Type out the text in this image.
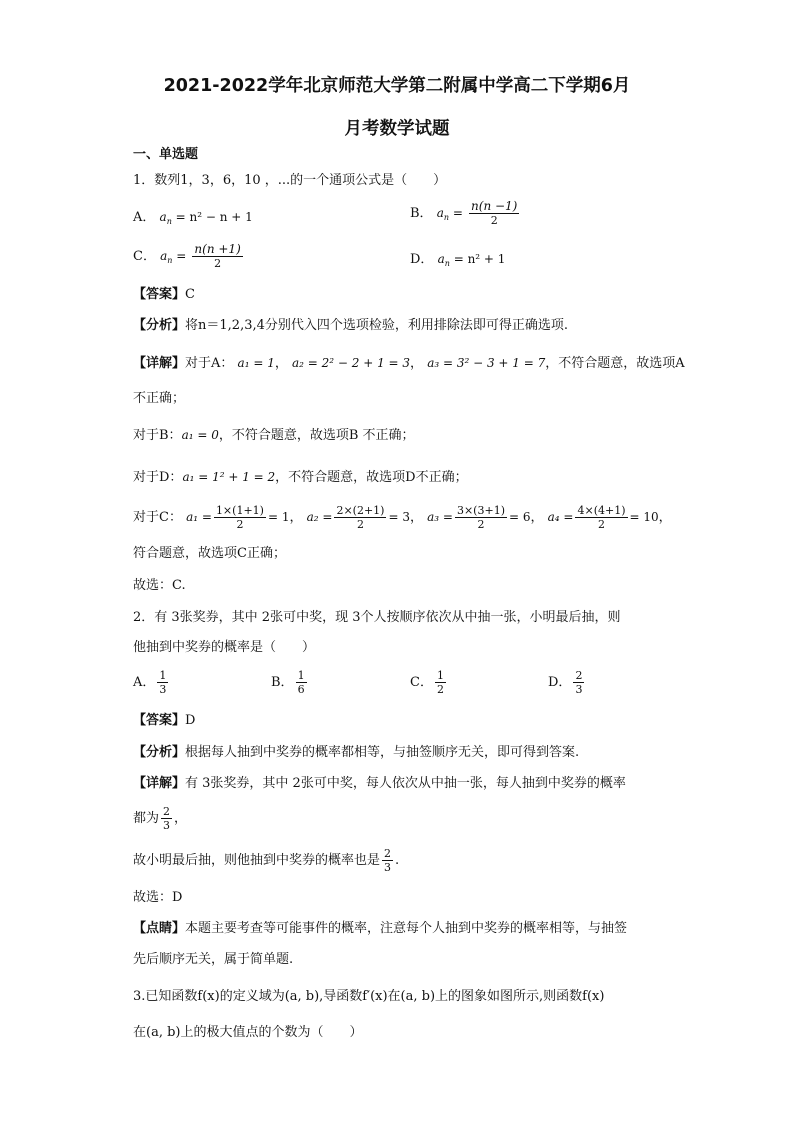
2021-2022学年北京师范大学第二附属中学高二下学期6月
月考数学试题
一、单选题
1．数列1，3，6，10 ，...的一个通项公式是（　　）
A． $a_n = n^2 - n + 1$	B． $a_n = \frac{n(n -1)}{2}$
C． $a_n = \frac{n(n +1)}{2}$	D． $a_n = n^2 + 1$
【答案】C
【分析】将n＝1,2,3,4分别代入四个选项检验，利用排除法即可得正确选项.
【详解】对于A： a₁ = 1， a₂ = 2² − 2 + 1 = 3， a₃ = 3² − 3 + 1 = 7，不符合题意，故选项A
不正确；
对于B：a₁ = 0，不符合题意，故选项B 不正确；
对于D：a₁ = 1² + 1 = 2，不符合题意，故选项D不正确；
对于C： $a_1 = \frac{1\times(1+1)}{2} = 1$， $a_2 = \frac{2\times(2+1)}{2} = 3$， $a_3 = \frac{3\times(3+1)}{2} = 6$， $a_4 = \frac{4\times(4+1)}{2} = 10$，
符合题意，故选项C正确；
故选：C.
2．有 3张奖券，其中 2张可中奖，现 3个人按顺序依次从中抽一张，小明最后抽，则
他抽到中奖券的概率是（　　）
A． $\frac{1}{3}$	B． $\frac{1}{6}$	C． $\frac{1}{2}$	D． $\frac{2}{3}$
【答案】D
【分析】根据每人抽到中奖券的概率都相等，与抽签顺序无关，即可得到答案.
【详解】有 3张奖券，其中 2张可中奖，每人依次从中抽一张，每人抽到中奖券的概率
都为 $\frac{2}{3}$ ，
故小明最后抽，则他抽到中奖券的概率也是 $\frac{2}{3}$ .
故选：D
【点睛】本题主要考查等可能事件的概率，注意每个人抽到中奖券的概率相等，与抽签
先后顺序无关，属于简单题.
3.已知函数f(x)的定义域为(a, b),导函数f′(x)在(a, b)上的图象如图所示,则函数f(x)
在(a, b)上的极大值点的个数为（　　）
